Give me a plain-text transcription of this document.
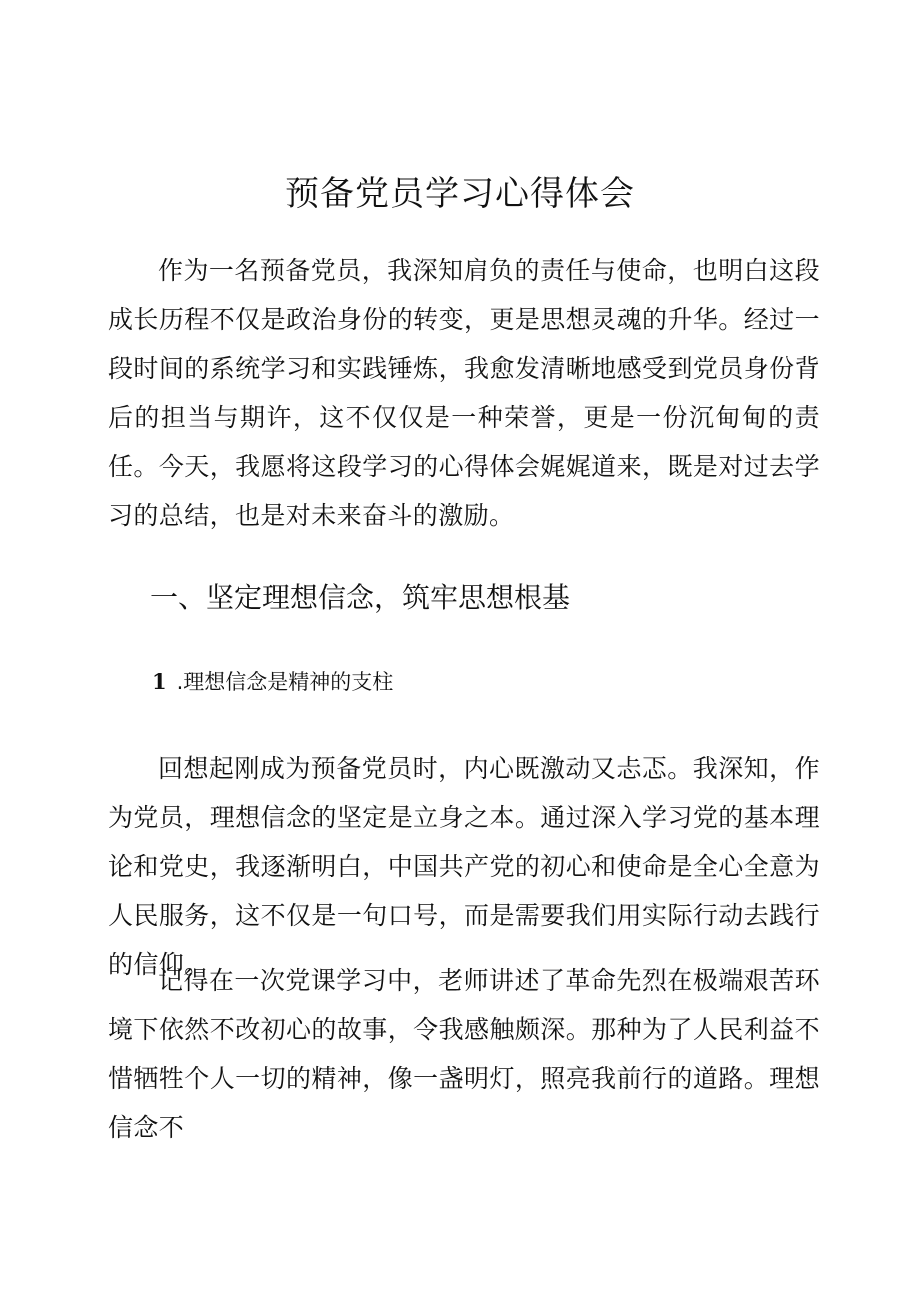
预备党员学习心得体会

作为一名预备党员，我深知肩负的责任与使命，也明白这段成长历程不仅是政治身份的转变，更是思想灵魂的升华。经过一段时间的系统学习和实践锤炼，我愈发清晰地感受到党员身份背后的担当与期许，这不仅仅是一种荣誉，更是一份沉甸甸的责任。今天，我愿将这段学习的心得体会娓娓道来，既是对过去学习的总结，也是对未来奋斗的激励。

一、坚定理想信念，筑牢思想根基
1 .理想信念是精神的支柱

回想起刚成为预备党员时，内心既激动又忐忑。我深知，作为党员，理想信念的坚定是立身之本。通过深入学习党的基本理论和党史，我逐渐明白，中国共产党的初心和使命是全心全意为人民服务，这不仅是一句口号，而是需要我们用实际行动去践行的信仰。

记得在一次党课学习中，老师讲述了革命先烈在极端艰苦环境下依然不改初心的故事，令我感触颇深。那种为了人民利益不惜牺牲个人一切的精神，像一盏明灯，照亮我前行的道路。理想信念不
